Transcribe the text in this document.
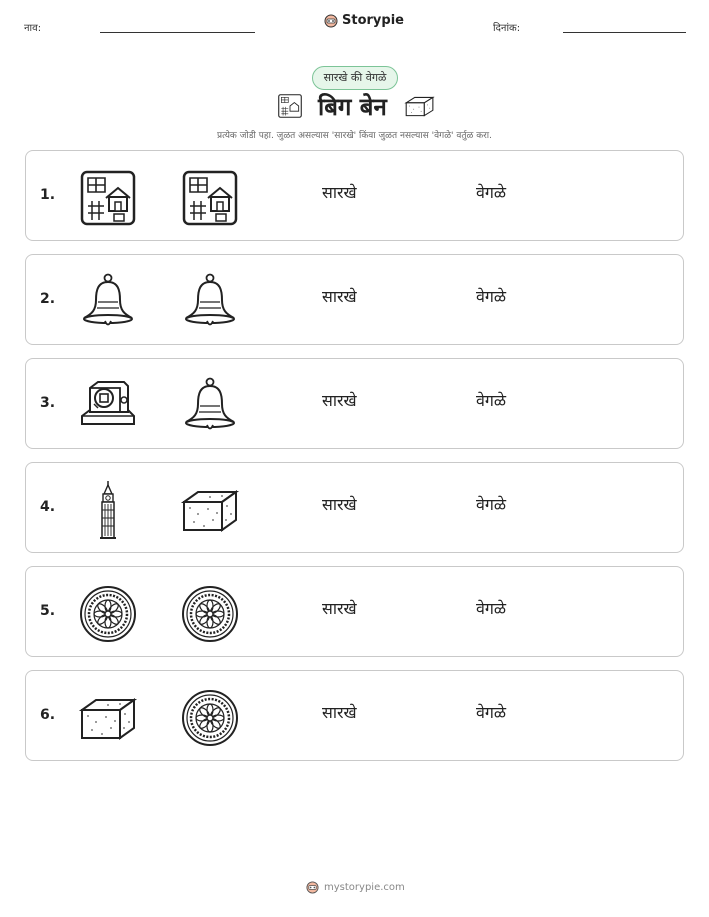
नाव:
Storypie
दिनांक:
सारखे की वेगळे
बिग बेन
प्रत्येक जोडी पहा. जुळत असल्यास 'सारखे' किंवा जुळत नसल्यास 'वेगळे' वर्तुळ करा.
1.	सारखे	वेगळे
2.	सारखे	वेगळे
3.	सारखे	वेगळे
4.	सारखे	वेगळे
5.	सारखे	वेगळे
6.	सारखे	वेगळे
mystorypie.com
